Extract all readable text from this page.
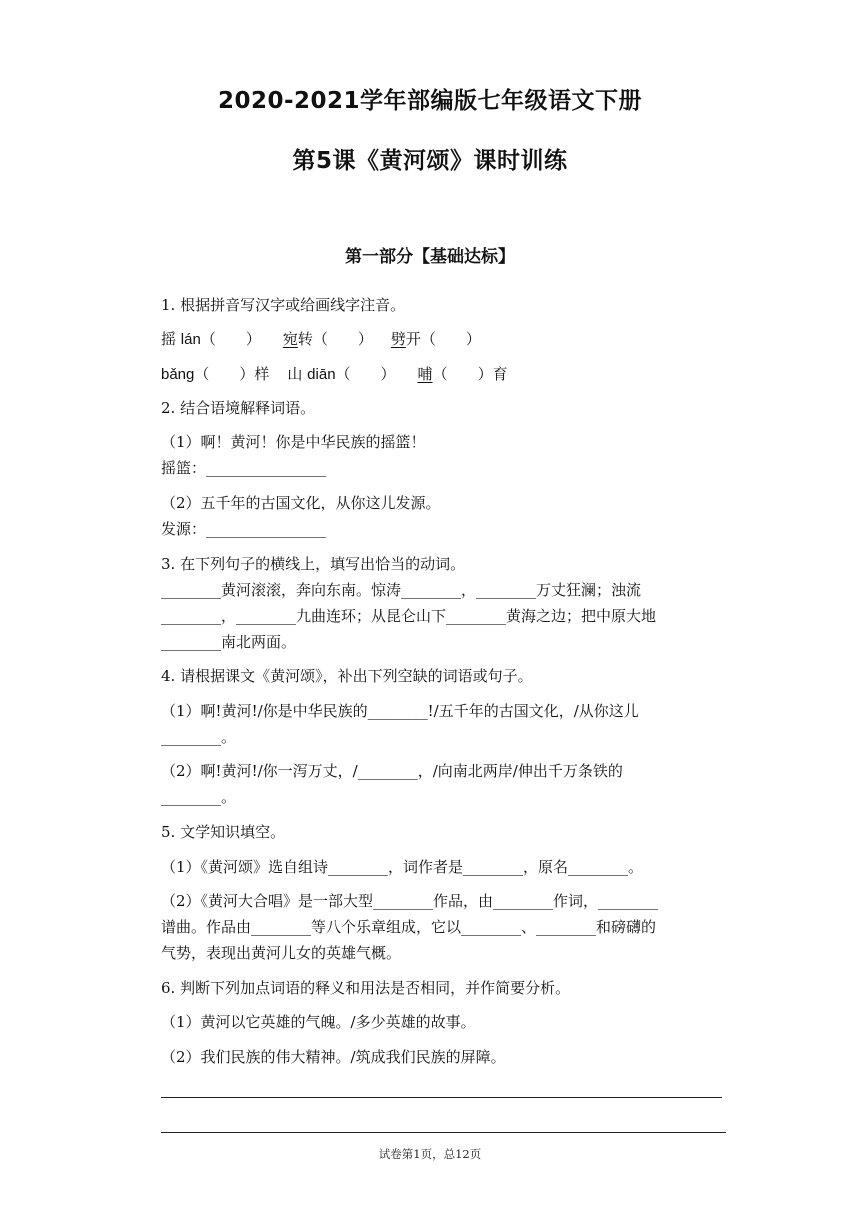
2020-2021学年部编版七年级语文下册
第5课《黄河颂》课时训练
第一部分【基础达标】
1. 根据拼音写汉字或给画线字注音。
摇 lán（　　） 宛转（　　） 劈开（　　）
bǎng（　　）样 山 diān（　　） 哺（　　）育
2. 结合语境解释词语。
（1）啊！黄河！你是中华民族的摇篮！
摇篮：________________
（2）五千年的古国文化，从你这儿发源。
发源：________________
3. 在下列句子的横线上，填写出恰当的动词。
________黄河滚滚，奔向东南。惊涛________，________万丈狂澜；浊流
________，________九曲连环；从昆仑山下________黄海之边；把中原大地
________南北两面。
4. 请根据课文《黄河颂》，补出下列空缺的词语或句子。
（1）啊!黄河!/你是中华民族的________!/五千年的古国文化，/从你这儿
________。
（2）啊!黄河!/你一泻万丈，/________，/向南北两岸/伸出千万条铁的
________。
5. 文学知识填空。
（1）《黄河颂》选自组诗________，词作者是________，原名________。
（2）《黄河大合唱》是一部大型________作品，由________作词，________
谱曲。作品由________等八个乐章组成，它以________、________和磅礴的
气势，表现出黄河儿女的英雄气概。
6. 判断下列加点词语的释义和用法是否相同，并作简要分析。
（1）黄河以它英雄的气魄。/多少英雄的故事。
（2）我们民族的伟大精神。/筑成我们民族的屏障。
试卷第1页，总12页
